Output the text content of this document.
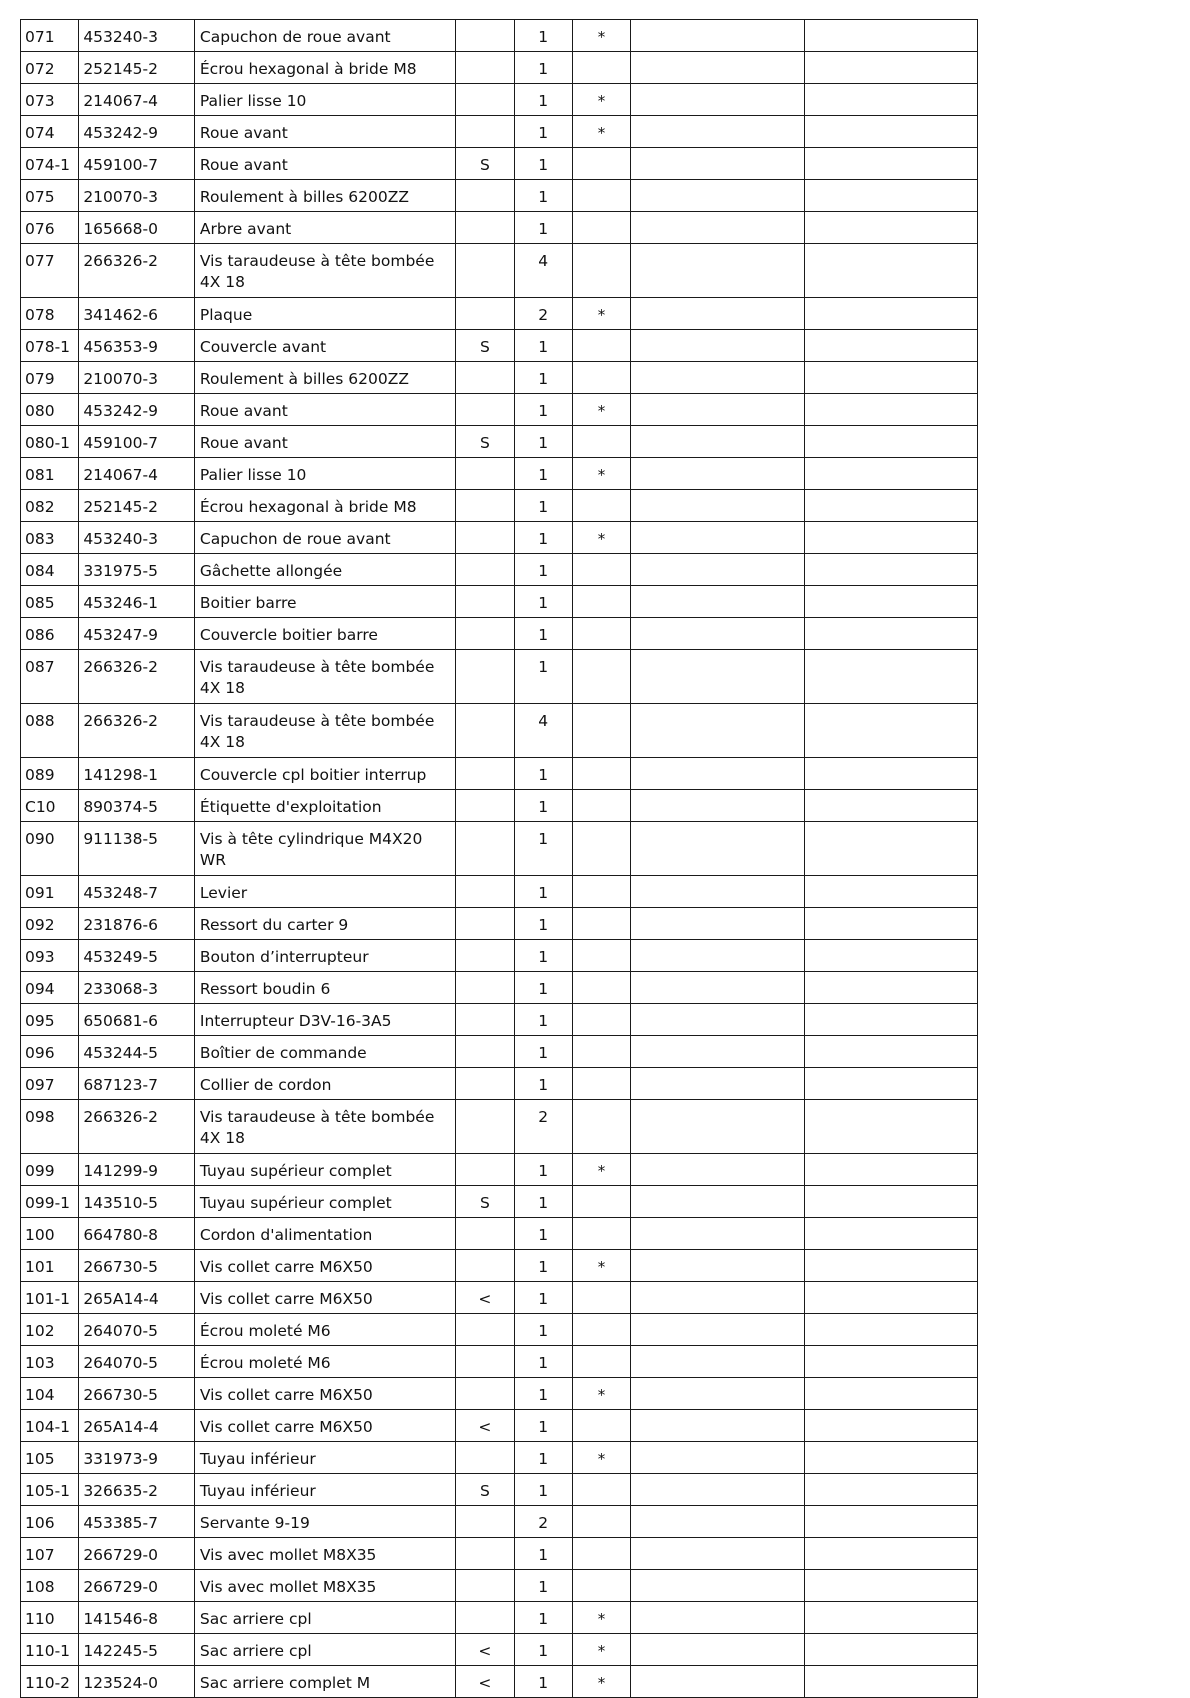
071	453240-3	Capuchon de roue avant		1	*		
072	252145-2	Écrou hexagonal à bride M8		1			
073	214067-4	Palier lisse 10		1	*		
074	453242-9	Roue avant		1	*		
074-1	459100-7	Roue avant	S	1			
075	210070-3	Roulement à billes 6200ZZ		1			
076	165668-0	Arbre avant		1			
077	266326-2	Vis taraudeuse à tête bombée 4X 18		4			
078	341462-6	Plaque		2	*		
078-1	456353-9	Couvercle avant	S	1			
079	210070-3	Roulement à billes 6200ZZ		1			
080	453242-9	Roue avant		1	*		
080-1	459100-7	Roue avant	S	1			
081	214067-4	Palier lisse 10		1	*		
082	252145-2	Écrou hexagonal à bride M8		1			
083	453240-3	Capuchon de roue avant		1	*		
084	331975-5	Gâchette allongée		1			
085	453246-1	Boitier barre		1			
086	453247-9	Couvercle boitier barre		1			
087	266326-2	Vis taraudeuse à tête bombée 4X 18		1			
088	266326-2	Vis taraudeuse à tête bombée 4X 18		4			
089	141298-1	Couvercle cpl boitier interrup		1			
C10	890374-5	Étiquette d'exploitation		1			
090	911138-5	Vis à tête cylindrique M4X20 WR		1			
091	453248-7	Levier		1			
092	231876-6	Ressort du carter 9		1			
093	453249-5	Bouton d’interrupteur		1			
094	233068-3	Ressort boudin 6		1			
095	650681-6	Interrupteur D3V-16-3A5		1			
096	453244-5	Boîtier de commande		1			
097	687123-7	Collier de cordon		1			
098	266326-2	Vis taraudeuse à tête bombée 4X 18		2			
099	141299-9	Tuyau supérieur complet		1	*		
099-1	143510-5	Tuyau supérieur complet	S	1			
100	664780-8	Cordon d'alimentation		1			
101	266730-5	Vis collet carre M6X50		1	*		
101-1	265A14-4	Vis collet carre M6X50	<	1			
102	264070-5	Écrou moleté M6		1			
103	264070-5	Écrou moleté M6		1			
104	266730-5	Vis collet carre M6X50		1	*		
104-1	265A14-4	Vis collet carre M6X50	<	1			
105	331973-9	Tuyau inférieur		1	*		
105-1	326635-2	Tuyau inférieur	S	1			
106	453385-7	Servante 9-19		2			
107	266729-0	Vis avec mollet M8X35		1			
108	266729-0	Vis avec mollet M8X35		1			
110	141546-8	Sac arriere cpl		1	*		
110-1	142245-5	Sac arriere cpl	<	1	*		
110-2	123524-0	Sac arriere complet M	<	1	*		
